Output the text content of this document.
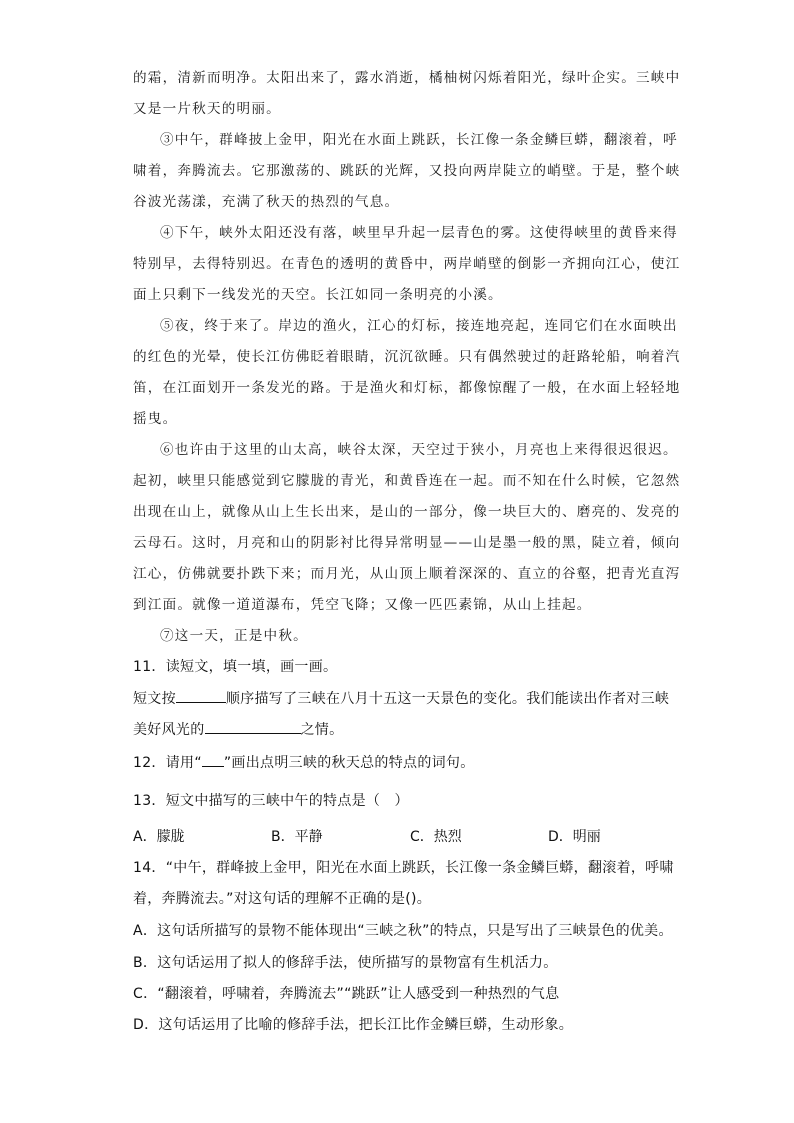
的霜，清新而明净。太阳出来了，露水消逝，橘柚树闪烁着阳光，绿叶企实。三峡中
又是一片秋天的明丽。
③中午，群峰披上金甲，阳光在水面上跳跃，长江像一条金鳞巨蟒，翻滚着，呼
啸着，奔腾流去。它那激荡的、跳跃的光辉，又投向两岸陡立的峭壁。于是，整个峡
谷波光荡漾，充满了秋天的热烈的气息。
④下午，峡外太阳还没有落，峡里早升起一层青色的雾。这使得峡里的黄昏来得
特别早，去得特别迟。在青色的透明的黄昏中，两岸峭壁的倒影一齐拥向江心，使江
面上只剩下一线发光的天空。长江如同一条明亮的小溪。
⑤夜，终于来了。岸边的渔火，江心的灯标，接连地亮起，连同它们在水面映出
的红色的光晕，使长江仿佛眨着眼睛，沉沉欲睡。只有偶然驶过的赶路轮船，响着汽
笛，在江面划开一条发光的路。于是渔火和灯标，都像惊醒了一般，在水面上轻轻地
摇曳。
⑥也许由于这里的山太高，峡谷太深，天空过于狭小，月亮也上来得很迟很迟。
起初，峡里只能感觉到它朦胧的青光，和黄昏连在一起。而不知在什么时候，它忽然
出现在山上，就像从山上生长出来，是山的一部分，像一块巨大的、磨亮的、发亮的
云母石。这时，月亮和山的阴影衬比得异常明显——山是墨一般的黑，陡立着，倾向
江心，仿佛就要扑跌下来；而月光，从山顶上顺着深深的、直立的谷壑，把青光直泻
到江面。就像一道道瀑布，凭空飞降；又像一匹匹素锦，从山上挂起。
⑦这一天，正是中秋。
11．读短文，填一填，画一画。
短文按	顺序描写了三峡在八月十五这一天景色的变化。我们能读出作者对三峡
美好风光的	之情。
12．请用“ ”画出点明三峡的秋天总的特点的词句。
13．短文中描写的三峡中午的特点是（　）
A．朦胧	B．平静	C．热烈	D．明丽
14．“中午，群峰披上金甲，阳光在水面上跳跃，长江像一条金鳞巨蟒，翻滚着，呼啸
着，奔腾流去。”对这句话的理解不正确的是()。
A．这句话所描写的景物不能体现出“三峡之秋”的特点，只是写出了三峡景色的优美。
B．这句话运用了拟人的修辞手法，使所描写的景物富有生机活力。
C．“翻滚着，呼啸着，奔腾流去”“跳跃”让人感受到一种热烈的气息
D．这句话运用了比喻的修辞手法，把长江比作金鳞巨蟒，生动形象。
